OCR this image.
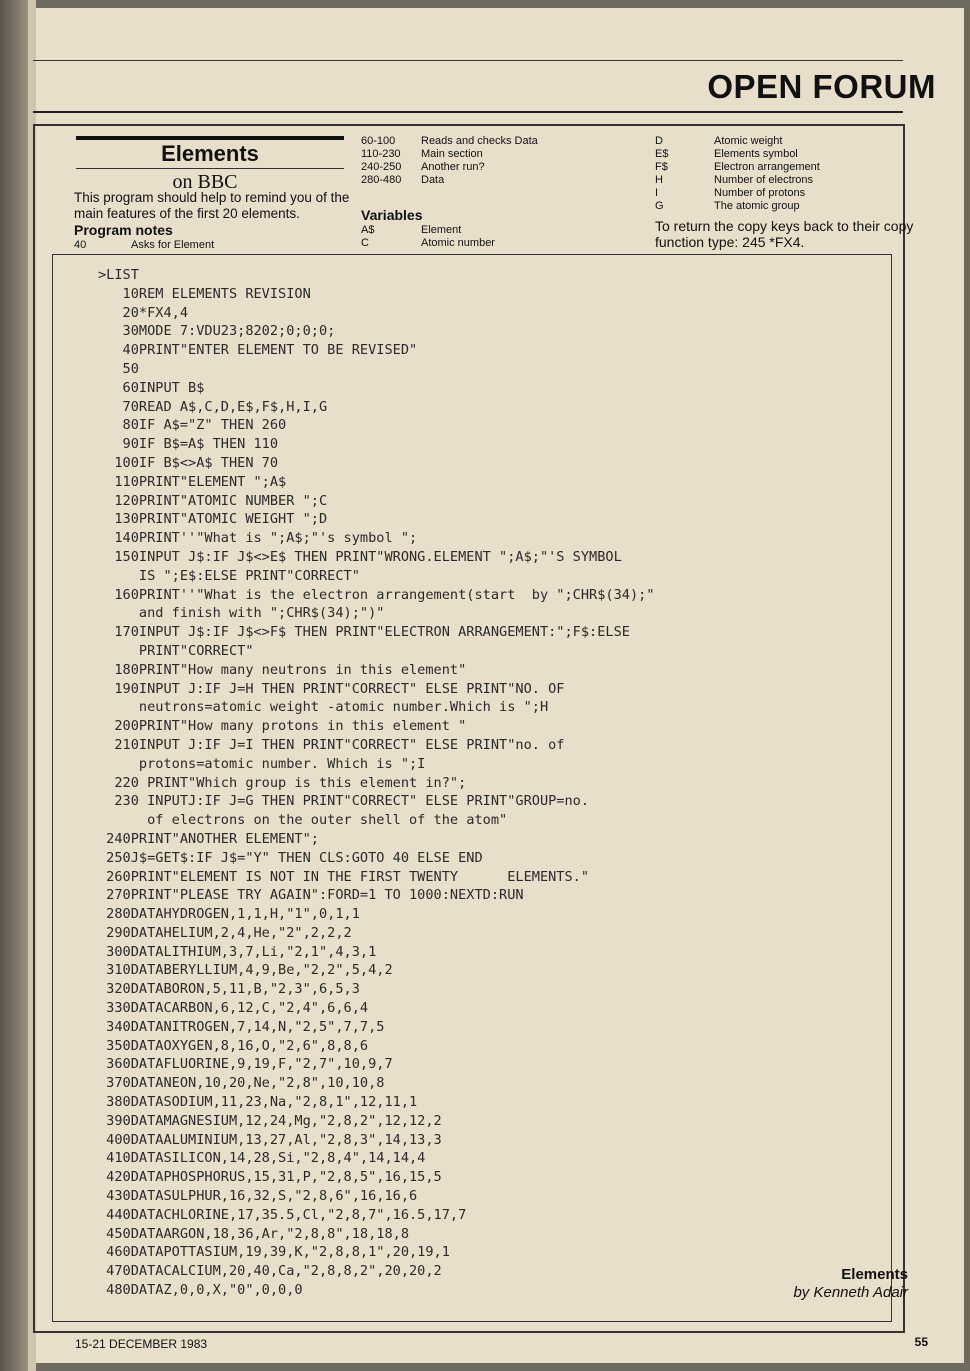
OPEN FORUM
Elements
on BBC
This program should help to remind you of the main features of the first 20 elements.
Program notes
40	Asks for Element
60-100 Reads and checks Data
110-230 Main section
240-250 Another run?
280-480 Data
Variables
A$	Element
C	Atomic number
D	Atomic weight
E$	Elements symbol
F$	Electron arrangement
H	Number of electrons
I	Number of protons
G	The atomic group
To return the copy keys back to their copy function type: 245 *FX4.
>LIST
10REM ELEMENTS REVISION
20*FX4,4
30MODE 7:VDU23;8202;0;0;0;
40PRINT"ENTER ELEMENT TO BE REVISED"
50
60INPUT B$
70READ A$,C,D,E$,F$,H,I,G
80IF A$="Z" THEN 260
90IF B$=A$ THEN 110
100IF B$<>A$ THEN 70
110PRINT"ELEMENT ";A$
120PRINT"ATOMIC NUMBER ";C
130PRINT"ATOMIC WEIGHT ";D
140PRINT''"What is ";A$;"'s symbol ";
150INPUT J$:IF J$<>E$ THEN PRINT"WRONG.ELEMENT ";A$;"'S SYMBOL
IS ";E$:ELSE PRINT"CORRECT"
160PRINT''"What is the electron arrangement(start  by ";CHR$(34);"
and finish with ";CHR$(34);")"
170INPUT J$:IF J$<>F$ THEN PRINT"ELECTRON ARRANGEMENT:";F$:ELSE
PRINT"CORRECT"
180PRINT"How many neutrons in this element"
190INPUT J:IF J=H THEN PRINT"CORRECT" ELSE PRINT"NO. OF
neutrons=atomic weight -atomic number.Which is ";H
200PRINT"How many protons in this element "
210INPUT J:IF J=I THEN PRINT"CORRECT" ELSE PRINT"no. of
protons=atomic number. Which is ";I
220 PRINT"Which group is this element in?";
230 INPUTJ:IF J=G THEN PRINT"CORRECT" ELSE PRINT"GROUP=no.
of electrons on the outer shell of the atom"
240PRINT"ANOTHER ELEMENT";
250J$=GET$:IF J$="Y" THEN CLS:GOTO 40 ELSE END
260PRINT"ELEMENT IS NOT IN THE FIRST TWENTY      ELEMENTS."
270PRINT"PLEASE TRY AGAIN":FORD=1 TO 1000:NEXTD:RUN
280DATAHYDROGEN,1,1,H,"1",0,1,1
290DATAHELIUM,2,4,He,"2",2,2,2
300DATALITHIUM,3,7,Li,"2,1",4,3,1
310DATABERYLLIUM,4,9,Be,"2,2",5,4,2
320DATABORON,5,11,B,"2,3",6,5,3
330DATACARBON,6,12,C,"2,4",6,6,4
340DATANITROGEN,7,14,N,"2,5",7,7,5
350DATAOXYGEN,8,16,O,"2,6",8,8,6
360DATAFLUORINE,9,19,F,"2,7",10,9,7
370DATANEON,10,20,Ne,"2,8",10,10,8
380DATASODIUM,11,23,Na,"2,8,1",12,11,1
390DATAMAGNESIUM,12,24,Mg,"2,8,2",12,12,2
400DATAALUMINIUM,13,27,Al,"2,8,3",14,13,3
410DATASILICON,14,28,Si,"2,8,4",14,14,4
420DATAPHOSPHORUS,15,31,P,"2,8,5",16,15,5
430DATASULPHUR,16,32,S,"2,8,6",16,16,6
440DATACHLORINE,17,35.5,Cl,"2,8,7",16.5,17,7
450DATAARGON,18,36,Ar,"2,8,8",18,18,8
460DATAPOTTASIUM,19,39,K,"2,8,8,1",20,19,1
470DATACALCIUM,20,40,Ca,"2,8,8,2",20,20,2
480DATAZ,0,0,X,"0",0,0,0

Elements
by Kenneth Adair
15-21 DECEMBER 1983	55
